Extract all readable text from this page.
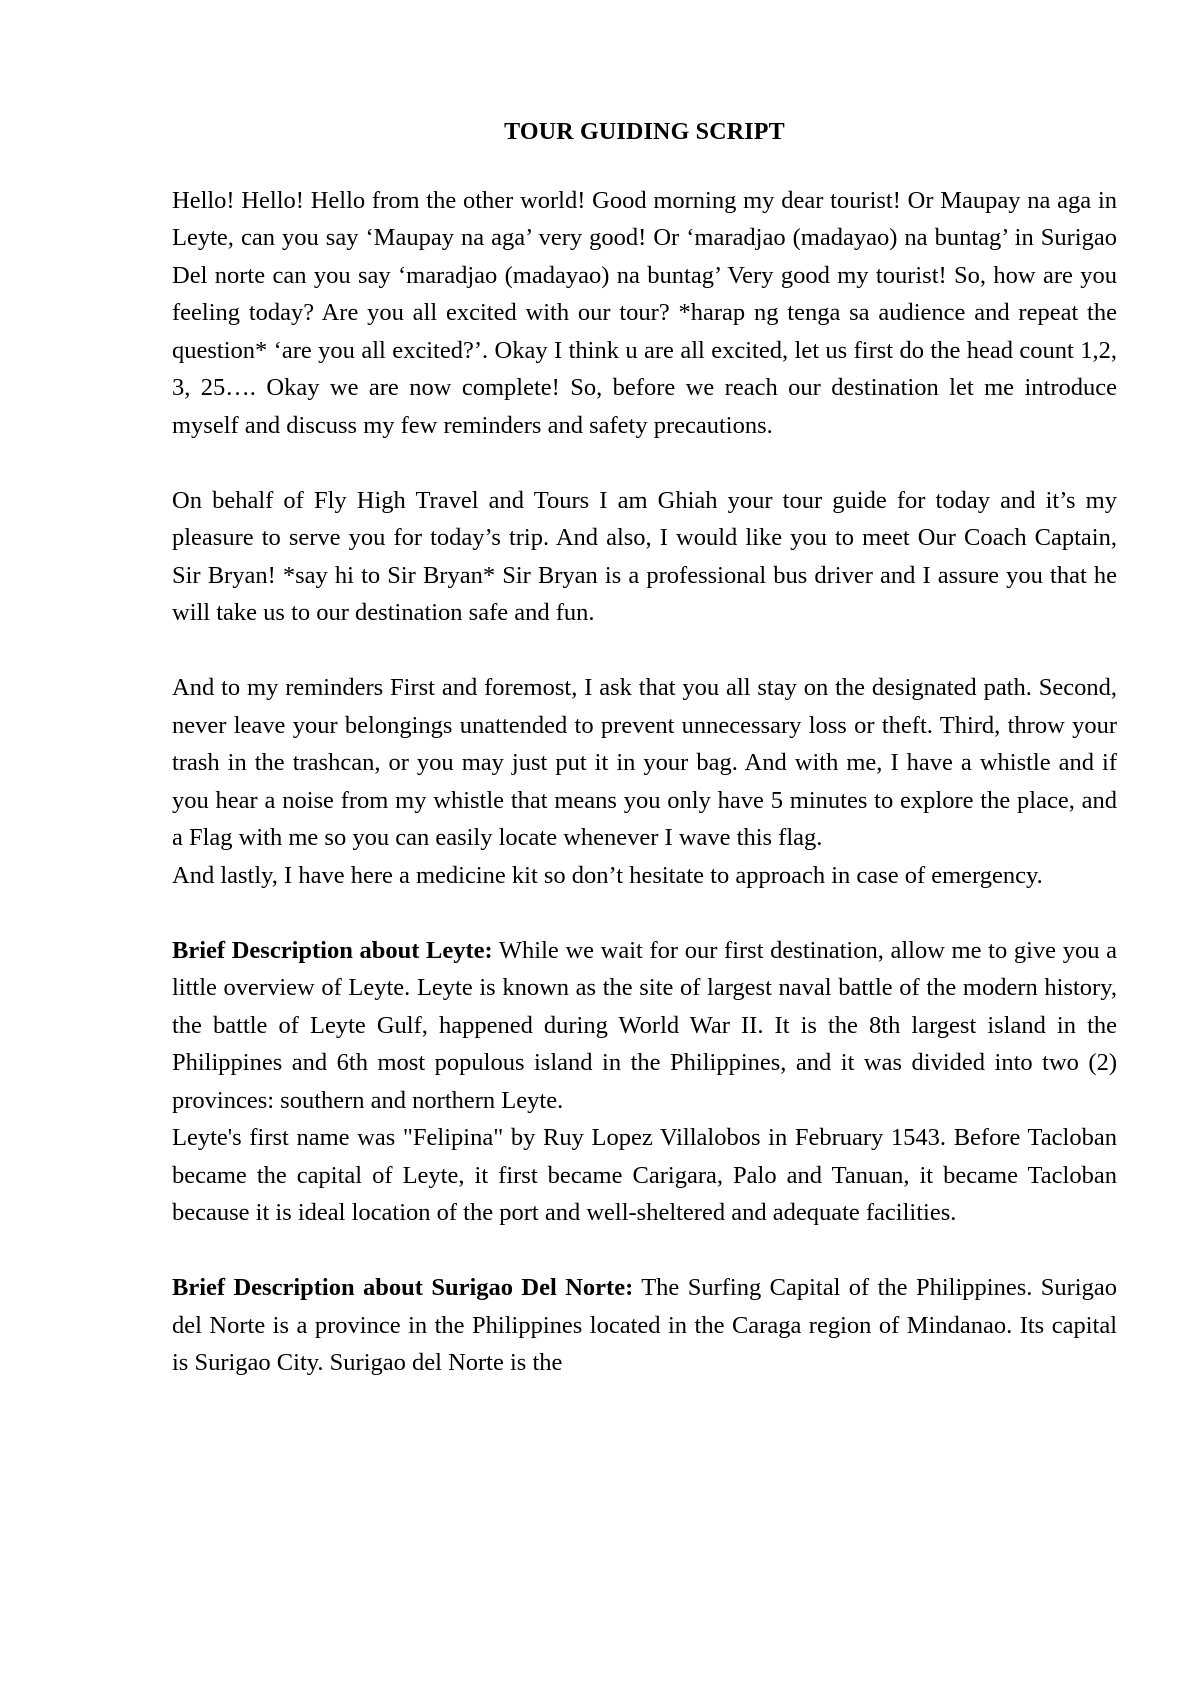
TOUR GUIDING SCRIPT

Hello! Hello! Hello from the other world! Good morning my dear tourist! Or Maupay na aga in Leyte, can you say ‘Maupay na aga’ very good! Or ‘maradjao (madayao) na buntag’ in Surigao Del norte can you say ‘maradjao (madayao) na buntag’ Very good my tourist! So, how are you feeling today? Are you all excited with our tour? *harap ng tenga sa audience and repeat the question* ‘are you all excited?’. Okay I think u are all excited, let us first do the head count 1,2, 3, 25…. Okay we are now complete! So, before we reach our destination let me introduce myself and discuss my few reminders and safety precautions.

On behalf of Fly High Travel and Tours I am Ghiah your tour guide for today and it’s my pleasure to serve you for today’s trip. And also, I would like you to meet Our Coach Captain, Sir Bryan! *say hi to Sir Bryan* Sir Bryan is a professional bus driver and I assure you that he will take us to our destination safe and fun.

And to my reminders First and foremost, I ask that you all stay on the designated path. Second, never leave your belongings unattended to prevent unnecessary loss or theft. Third, throw your trash in the trashcan, or you may just put it in your bag. And with me, I have a whistle and if you hear a noise from my whistle that means you only have 5 minutes to explore the place, and a Flag with me so you can easily locate whenever I wave this flag.

And lastly, I have here a medicine kit so don’t hesitate to approach in case of emergency.

Brief Description about Leyte: While we wait for our first destination, allow me to give you a little overview of Leyte. Leyte is known as the site of largest naval battle of the modern history, the battle of Leyte Gulf, happened during World War II. It is the 8th largest island in the Philippines and 6th most populous island in the Philippines, and it was divided into two (2) provinces: southern and northern Leyte.

Leyte's first name was "Felipina" by Ruy Lopez Villalobos in February 1543. Before Tacloban became the capital of Leyte, it first became Carigara, Palo and Tanuan, it became Tacloban because it is ideal location of the port and well-sheltered and adequate facilities.

Brief Description about Surigao Del Norte: The Surfing Capital of the Philippines. Surigao del Norte is a province in the Philippines located in the Caraga region of Mindanao. Its capital is Surigao City. Surigao del Norte is the
